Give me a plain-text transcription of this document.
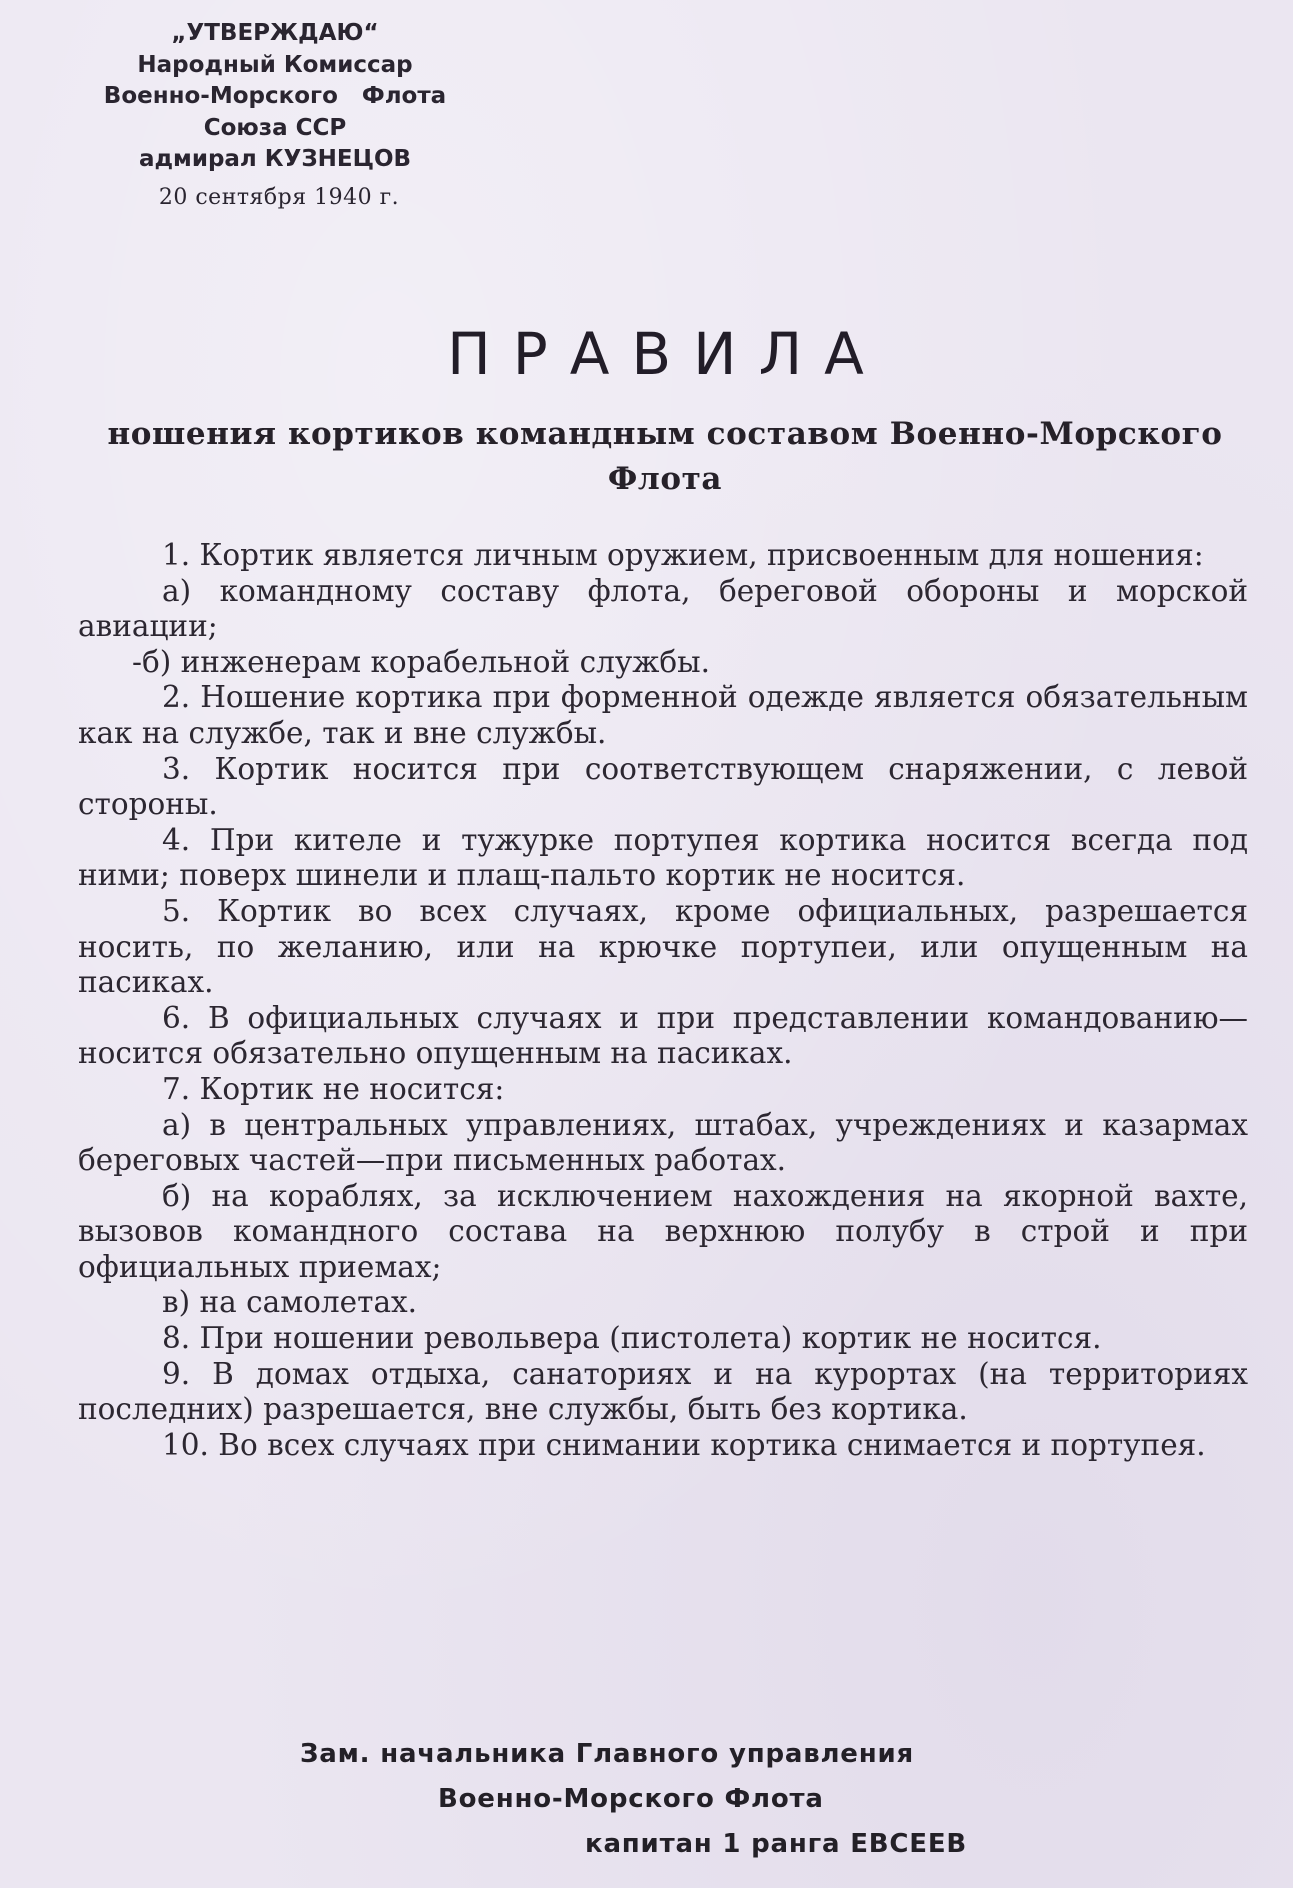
„УТВЕРЖДАЮ“
Народный Комиссар
Военно-Морского   Флота
Союза ССР
адмирал КУЗНЕЦОВ
20 сентября 1940 г.
ПРАВИЛА
ношения кортиков командным составом Военно-Морского Флота

1. Кортик является личным оружием, присвоенным для ношения:

а) командному составу флота, береговой обороны и морской авиации;

-б) инженерам корабельной службы.

2. Ношение кортика при форменной одежде является обязательным как на службе, так и вне службы.

3. Кортик носится при соответствующем снаряжении, с левой стороны.

4. При кителе и тужурке портупея кортика носится всегда под ними; поверх шинели и плащ-пальто кортик не носится.

5. Кортик во всех случаях, кроме официальных, разрешается носить, по желанию, или на крючке портупеи, или опущенным на пасиках.

6. В официальных случаях и при представлении командованию—носится обязательно опущенным на пасиках.

7. Кортик не носится:

а) в центральных управлениях, штабах, учреждениях и казармах береговых частей—при письменных работах.

б) на кораблях, за исключением нахождения на якорной вахте, вызовов командного состава на верхнюю полубу в строй и при официальных приемах;

в) на самолетах.

8. При ношении револьвера (пистолета) кортик не носится.

9. В домах отдыха, санаториях и на курортах (на территориях последних) разрешается, вне службы, быть без кортика.

10. Во всех случаях при снимании кортика снимается и портупея.

Зам. начальника Главного управления
Военно-Морского Флота
капитан 1 ранга ЕВСЕЕВ
